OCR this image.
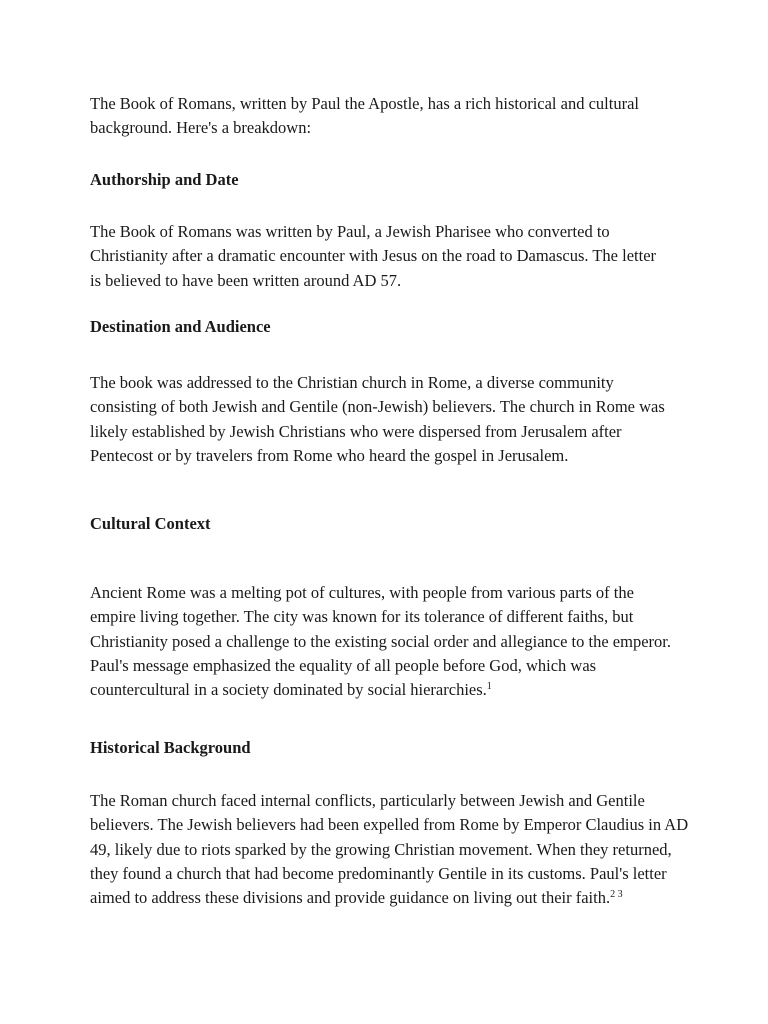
The Book of Romans, written by Paul the Apostle, has a rich historical and cultural background. Here's a breakdown:

Authorship and Date

The Book of Romans was written by Paul, a Jewish Pharisee who converted to Christianity after a dramatic encounter with Jesus on the road to Damascus. The letter is believed to have been written around AD 57.

Destination and Audience

The book was addressed to the Christian church in Rome, a diverse community consisting of both Jewish and Gentile (non-Jewish) believers. The church in Rome was likely established by Jewish Christians who were dispersed from Jerusalem after Pentecost or by travelers from Rome who heard the gospel in Jerusalem.

Cultural Context

Ancient Rome was a melting pot of cultures, with people from various parts of the empire living together. The city was known for its tolerance of different faiths, but Christianity posed a challenge to the existing social order and allegiance to the emperor. Paul's message emphasized the equality of all people before God, which was countercultural in a society dominated by social hierarchies.$^1$

Historical Background

The Roman church faced internal conflicts, particularly between Jewish and Gentile believers. The Jewish believers had been expelled from Rome by Emperor Claudius in AD 49, likely due to riots sparked by the growing Christian movement. When they returned, they found a church that had become predominantly Gentile in its customs. Paul's letter aimed to address these divisions and provide guidance on living out their faith.$^{2 3}$
